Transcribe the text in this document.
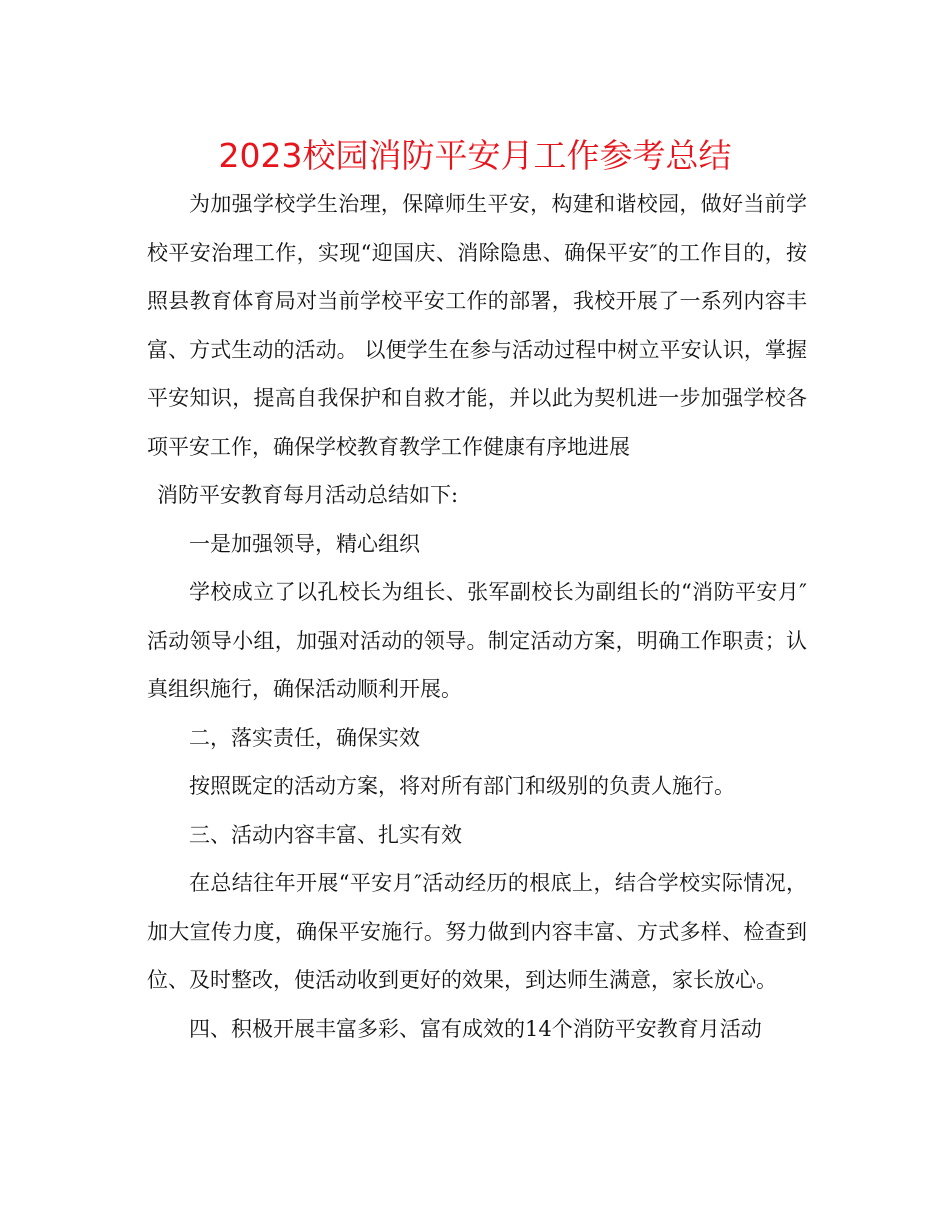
2023校园消防平安月工作参考总结

为加强学校学生治理，保障师生平安，构建和谐校园，做好当前学校平安治理工作，实现“迎国庆、消除隐患、确保平安″的工作目的，按照县教育体育局对当前学校平安工作的部署，我校开展了一系列内容丰富、方式生动的活动。 以便学生在参与活动过程中树立平安认识，掌握平安知识，提高自我保护和自救才能，并以此为契机进一步加强学校各项平安工作，确保学校教育教学工作健康有序地进展

消防平安教育每月活动总结如下:

一是加强领导，精心组织

学校成立了以孔校长为组长、张军副校长为副组长的“消防平安月″活动领导小组，加强对活动的领导。制定活动方案，明确工作职责；认真组织施行，确保活动顺利开展。

二，落实责任，确保实效

按照既定的活动方案，将对所有部门和级别的负责人施行。

三、活动内容丰富、扎实有效

在总结往年开展“平安月″活动经历的根底上，结合学校实际情况，加大宣传力度，确保平安施行。努力做到内容丰富、方式多样、检查到位、及时整改，使活动收到更好的效果，到达师生满意，家长放心。

四、积极开展丰富多彩、富有成效的14个消防平安教育月活动
